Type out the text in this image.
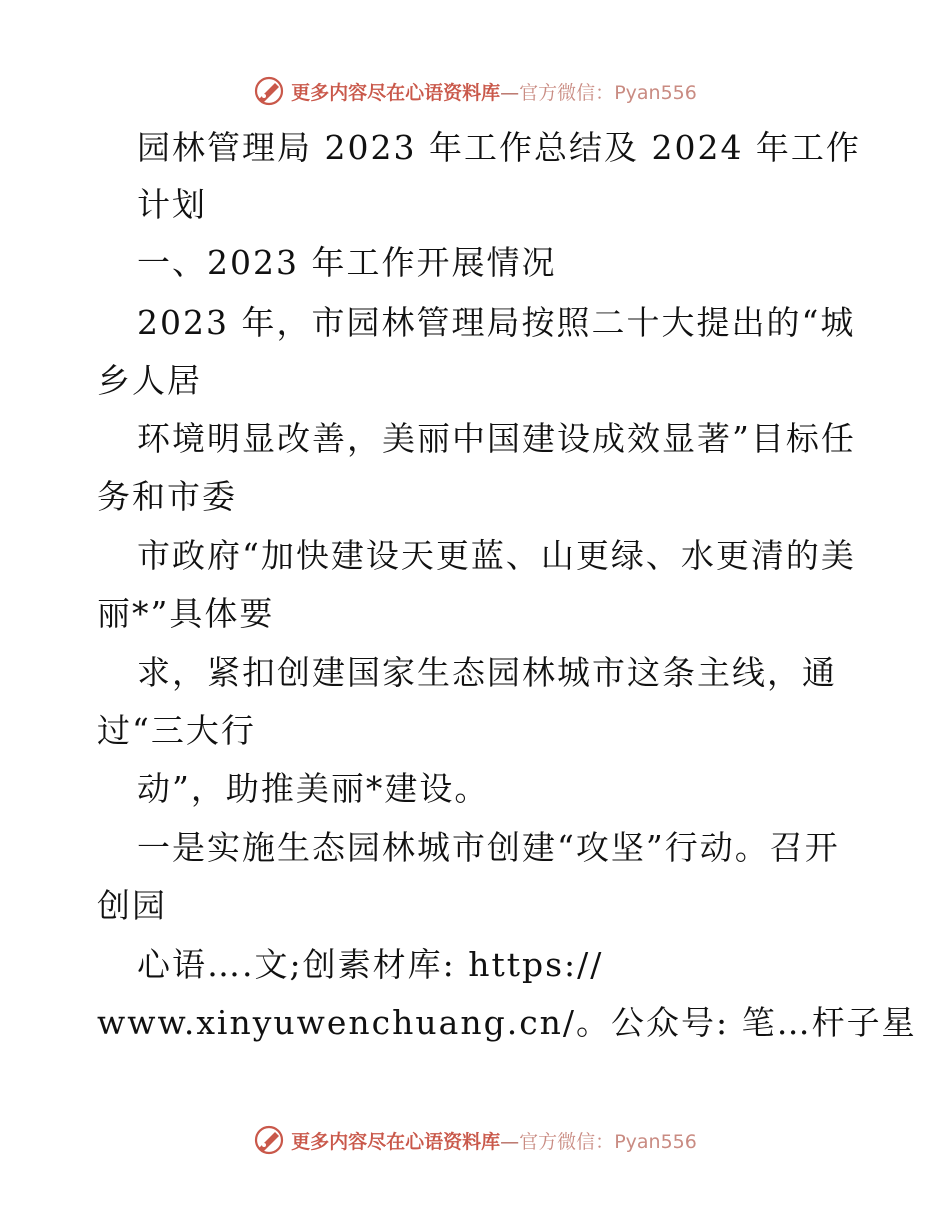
更多内容尽在心语资料库—官方微信：Pyan556
园林管理局 2023 年工作总结及 2024 年工作
计划
一、2023 年工作开展情况
2023 年，市园林管理局按照二十大提出的“城
乡人居
环境明显改善，美丽中国建设成效显著”目标任
务和市委
市政府“加快建设天更蓝、山更绿、水更清的美
丽*”具体要
求，紧扣创建国家生态园林城市这条主线，通
过“三大行
动”，助推美丽*建设。
一是实施生态园林城市创建“攻坚”行动。召开
创园
心语….文;创素材库: https://
www.xinyuwenchuang.cn/。公众号: 笔…杆子星
更多内容尽在心语资料库—官方微信：Pyan556
